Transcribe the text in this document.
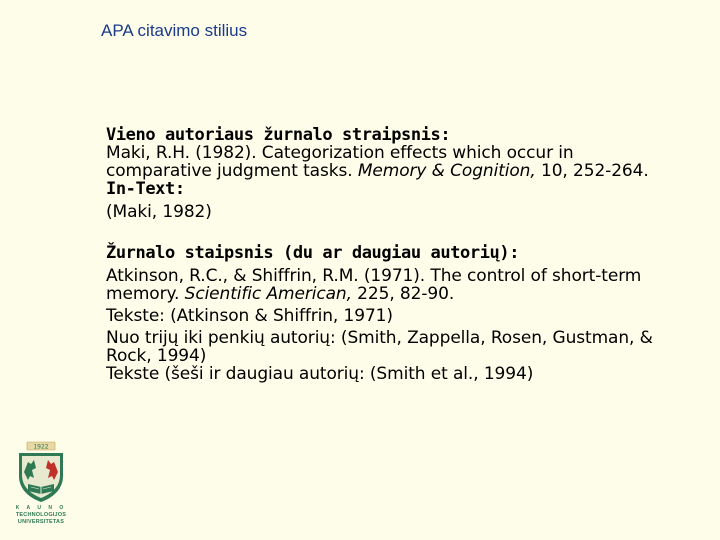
APA citavimo stilius
Vieno autoriaus žurnalo straipsnis:
Maki, R.H. (1982). Categorization effects which occur in
comparative judgment tasks. Memory & Cognition, 10, 252-264.
In-Text:
(Maki, 1982)
Žurnalo staipsnis (du ar daugiau autorių):
Atkinson, R.C., & Shiffrin, R.M. (1971). The control of short-term
memory. Scientific American, 225, 82-90.
Tekste: (Atkinson & Shiffrin, 1971)
Nuo trijų iki penkių autorių: (Smith, Zappella, Rosen, Gustman, &
Rock, 1994)
Tekste (šeši ir daugiau autorių: (Smith et al., 1994)
1922
K A U N O
TECHNOLOGIJOS
UNIVERSITETAS
